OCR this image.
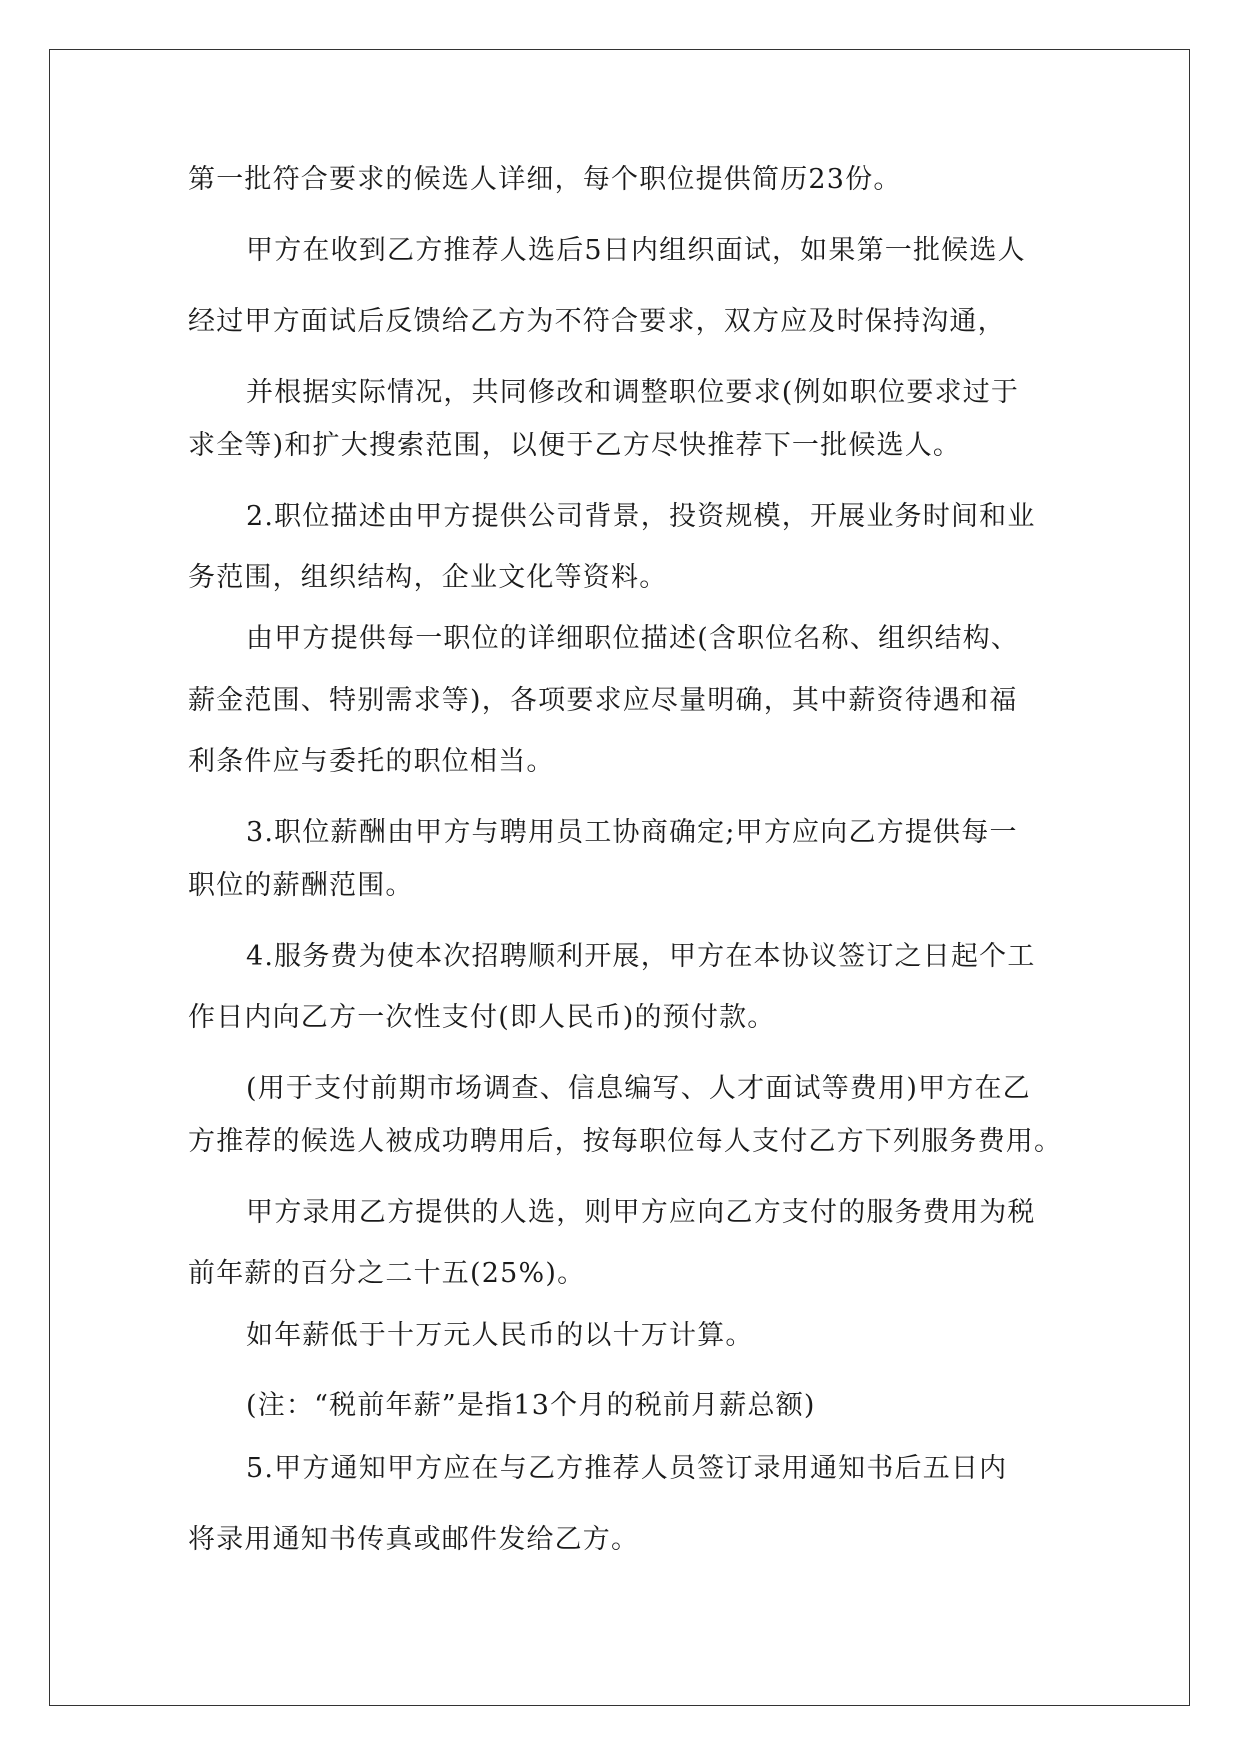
第一批符合要求的候选人详细，每个职位提供简历23份。
甲方在收到乙方推荐人选后5日内组织面试，如果第一批候选人
经过甲方面试后反馈给乙方为不符合要求，双方应及时保持沟通，
并根据实际情况，共同修改和调整职位要求(例如职位要求过于
求全等)和扩大搜索范围，以便于乙方尽快推荐下一批候选人。
2.职位描述由甲方提供公司背景，投资规模，开展业务时间和业
务范围，组织结构，企业文化等资料。
由甲方提供每一职位的详细职位描述(含职位名称、组织结构、
薪金范围、特别需求等)，各项要求应尽量明确，其中薪资待遇和福
利条件应与委托的职位相当。
3.职位薪酬由甲方与聘用员工协商确定;甲方应向乙方提供每一
职位的薪酬范围。
4.服务费为使本次招聘顺利开展，甲方在本协议签订之日起个工
作日内向乙方一次性支付(即人民币)的预付款。
(用于支付前期市场调查、信息编写、人才面试等费用)甲方在乙
方推荐的候选人被成功聘用后，按每职位每人支付乙方下列服务费用。
甲方录用乙方提供的人选，则甲方应向乙方支付的服务费用为税
前年薪的百分之二十五(25%)。
如年薪低于十万元人民币的以十万计算。
(注：“税前年薪”是指13个月的税前月薪总额)
5.甲方通知甲方应在与乙方推荐人员签订录用通知书后五日内
将录用通知书传真或邮件发给乙方。
